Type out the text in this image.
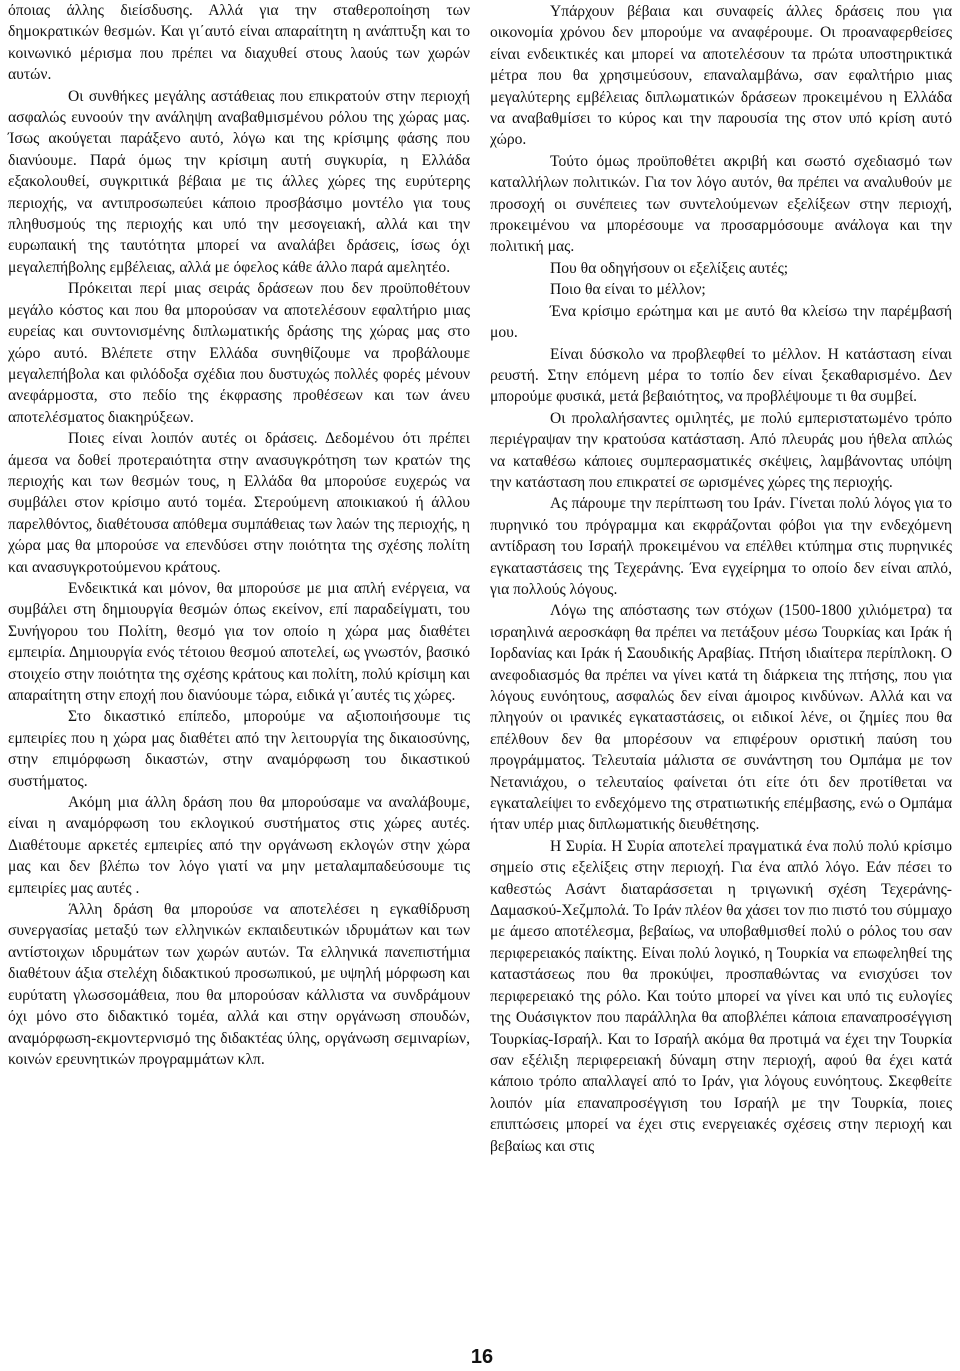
όποιας άλλης διείσδυσης. Αλλά για την σταθεροποίηση των δημοκρατικών θεσμών. Και γι΄αυτό είναι απαραίτητη η ανάπτυξη και το κοινωνικό μέρισμα που πρέπει να διαχυθεί στους λαούς των χωρών αυτών.

Οι συνθήκες μεγάλης αστάθειας που επικρατούν στην περιοχή ασφαλώς ευνοούν την ανάληψη αναβαθμισμένου ρόλου της χώρας μας. Ίσως ακούγεται παράξενο αυτό, λόγω και της κρίσιμης φάσης που διανύουμε. Παρά όμως την κρίσιμη αυτή συγκυρία, η Ελλάδα εξακολουθεί, συγκριτικά βέβαια με τις άλλες χώρες της ευρύτερης περιοχής, να αντιπροσωπεύει κάποιο προσβάσιμο μοντέλο για τους πληθυσμούς της περιοχής και υπό την μεσογειακή, αλλά και την ευρωπαική της ταυτότητα μπορεί να αναλάβει δράσεις, ίσως όχι μεγαλεπήβολης εμβέλειας, αλλά με όφελος κάθε άλλο παρά αμελητέο.

Πρόκειται περί μιας σειράς δράσεων που δεν προϋποθέτουν μεγάλο κόστος και που θα μπορούσαν να αποτελέσουν εφαλτήριο μιας ευρείας και συντονισμένης διπλωματικής δράσης της χώρας μας στο χώρο αυτό. Βλέπετε στην Ελλάδα συνηθίζουμε να προβάλουμε μεγαλεπήβολα και φιλόδοξα σχέδια που δυστυχώς πολλές φορές μένουν ανεφάρμοστα, στο πεδίο της έκφρασης προθέσεων και των άνευ αποτελέσματος διακηρύξεων.

Ποιες είναι λοιπόν αυτές οι δράσεις. Δεδομένου ότι πρέπει άμεσα να δοθεί προτεραιότητα στην ανασυγκρότηση των κρατών της περιοχής και των θεσμών τους, η Ελλάδα θα μπορούσε ευχερώς να συμβάλει στον κρίσιμο αυτό τομέα. Στερούμενη αποικιακού ή άλλου παρελθόντος, διαθέτουσα απόθεμα συμπάθειας των λαών της περιοχής, η χώρα μας θα μπορούσε να επενδύσει στην ποιότητα της σχέσης πολίτη και ανασυγκροτούμενου κράτους.

Ενδεικτικά και μόνον, θα μπορούσε με μια απλή ενέργεια, να συμβάλει στη δημιουργία θεσμών όπως εκείνον, επί παραδείγματι, του Συνήγορου του Πολίτη, θεσμό για τον οποίο η χώρα μας διαθέτει εμπειρία. Δημιουργία ενός τέτοιου θεσμού αποτελεί, ως γνωστόν, βασικό στοιχείο στην ποιότητα της σχέσης κράτους και πολίτη, πολύ κρίσιμη και απαραίτητη στην εποχή που διανύουμε τώρα, ειδικά γι΄αυτές τις χώρες.

Στο δικαστικό επίπεδο, μπορούμε να αξιοποιήσουμε τις εμπειρίες που η χώρα μας διαθέτει από την λειτουργία της δικαιοσύνης, στην επιμόρφωση δικαστών, στην αναμόρφωση του δικαστικού συστήματος.

Ακόμη μια άλλη δράση που θα μπορούσαμε να αναλάβουμε, είναι η αναμόρφωση του εκλογικού συστήματος στις χώρες αυτές. Διαθέτουμε αρκετές εμπειρίες από την οργάνωση εκλογών στην χώρα μας και δεν βλέπω τον λόγο γιατί να μην μεταλαμπαδεύσουμε τις εμπειρίες μας αυτές .

Άλλη δράση θα μπορούσε να αποτελέσει η εγκαθίδρυση συνεργασίας μεταξύ των ελληνικών εκπαιδευτικών ιδρυμάτων και των αντίστοιχων ιδρυμάτων των χωρών αυτών. Τα ελληνικά πανεπιστήμια διαθέτουν άξια στελέχη διδακτικού προσωπικού, με υψηλή μόρφωση και ευρύτατη γλωσσομάθεια, που θα μπορούσαν κάλλιστα να συνδράμουν όχι μόνο στο διδακτικό τομέα, αλλά και στην οργάνωση σπουδών, αναμόρφωση-εκμοντερνισμό της διδακτέας ύλης, οργάνωση σεμιναρίων, κοινών ερευνητικών προγραμμάτων κλπ.

Υπάρχουν βέβαια και συναφείς άλλες δράσεις που για οικονομία χρόνου δεν μπορούμε να αναφέρουμε. Οι προαναφερθείσες είναι ενδεικτικές και μπορεί να αποτελέσουν τα πρώτα υποστηρικτικά μέτρα που θα χρησιμεύσουν, επαναλαμβάνω, σαν εφαλτήριο μιας μεγαλύτερης εμβέλειας διπλωματικών δράσεων προκειμένου η Ελλάδα να αναβαθμίσει το κύρος και την παρουσία της στον υπό κρίση αυτό χώρο.

Τούτο όμως προϋποθέτει ακριβή και σωστό σχεδιασμό των καταλλήλων πολιτικών. Για τον λόγο αυτόν, θα πρέπει να αναλυθούν με προσοχή οι συνέπειες των συντελούμενων εξελίξεων στην περιοχή, προκειμένου να μπορέσουμε να προσαρμόσουμε ανάλογα και την πολιτική μας.

Που θα οδηγήσουν οι εξελίξεις αυτές;

Ποιο θα είναι το μέλλον;

Ένα κρίσιμο ερώτημα και με αυτό θα κλείσω την παρέμβασή μου.

Είναι δύσκολο να προβλεφθεί το μέλλον. Η κατάσταση είναι ρευστή. Στην επόμενη μέρα το τοπίο δεν είναι ξεκαθαρισμένο. Δεν μπορούμε φυσικά, μετά βεβαιότητος, να προβλέψουμε τι θα συμβεί.

Οι προλαλήσαντες ομιλητές, με πολύ εμπεριστατωμένο τρόπο περιέγραψαν την κρατούσα κατάσταση. Από πλευράς μου ήθελα απλώς να καταθέσω κάποιες συμπερασματικές σκέψεις, λαμβάνοντας υπόψη την κατάσταση που επικρατεί σε ωρισμένες χώρες της περιοχής.

Ας πάρουμε την περίπτωση του Ιράν. Γίνεται πολύ λόγος για το πυρηνικό του πρόγραμμα και εκφράζονται φόβοι για την ενδεχόμενη αντίδραση του Ισραήλ προκειμένου να επέλθει κτύπημα στις πυρηνικές εγκαταστάσεις της Τεχεράνης. Ένα εγχείρημα το οποίο δεν είναι απλό, για πολλούς λόγους.

Λόγω της απόστασης των στόχων (1500-1800 χιλιόμετρα) τα ισραηλινά αεροσκάφη θα πρέπει να πετάξουν μέσω Τουρκίας και Ιράκ ή Ιορδανίας και Ιράκ ή Σαουδικής Αραβίας. Πτήση ιδιαίτερα περίπλοκη. Ο ανεφοδιασμός θα πρέπει να γίνει κατά τη διάρκεια της πτήσης, που για λόγους ευνόητους, ασφαλώς δεν είναι άμοιρος κινδύνων. Αλλά και να πληγούν οι ιρανικές εγκαταστάσεις, οι ειδικοί λένε, οι ζημίες που θα επέλθουν δεν θα μπορέσουν να επιφέρουν οριστική παύση του προγράμματος. Τελευταία μάλιστα σε συνάντηση του Ομπάμα με τον Νετανιάχου, ο τελευταίος φαίνεται ότι είτε ότι δεν προτίθεται να εγκαταλείψει το ενδεχόμενο της στρατιωτικής επέμβασης, ενώ ο Ομπάμα ήταν υπέρ μιας διπλωματικής διευθέτησης.

Η Συρία. Η Συρία αποτελεί πραγματικά ένα πολύ πολύ κρίσιμο σημείο στις εξελίξεις στην περιοχή. Για ένα απλό λόγο. Εάν πέσει το καθεστώς Ασάντ διαταράσσεται η τριγωνική σχέση Τεχεράνης-Δαμασκού-Χεζμπολά. Το Ιράν πλέον θα χάσει τον πιο πιστό του σύμμαχο με άμεσο αποτέλεσμα, βεβαίως, να υποβαθμισθεί πολύ ο ρόλος του σαν περιφερειακός παίκτης. Είναι πολύ λογικό, η Τουρκία να επωφεληθεί της καταστάσεως που θα προκύψει, προσπαθώντας να ενισχύσει τον περιφερειακό της ρόλο. Και τούτο μπορεί να γίνει και υπό τις ευλογίες της Ουάσιγκτον που παράλληλα θα αποβλέπει κάποια επαναπροσέγγιση Τουρκίας-Ισραήλ. Και το Ισραήλ ακόμα θα προτιμά να έχει την Τουρκία σαν εξέλιξη περιφερειακή δύναμη στην περιοχή, αφού θα έχει κατά κάποιο τρόπο απαλλαγεί από το Ιράν, για λόγους ευνόητους. Σκεφθείτε λοιπόν μία επαναπροσέγγιση του Ισραήλ με την Τουρκία, ποιες επιπτώσεις μπορεί να έχει στις ενεργειακές σχέσεις στην περιοχή και βεβαίως και στις

16
